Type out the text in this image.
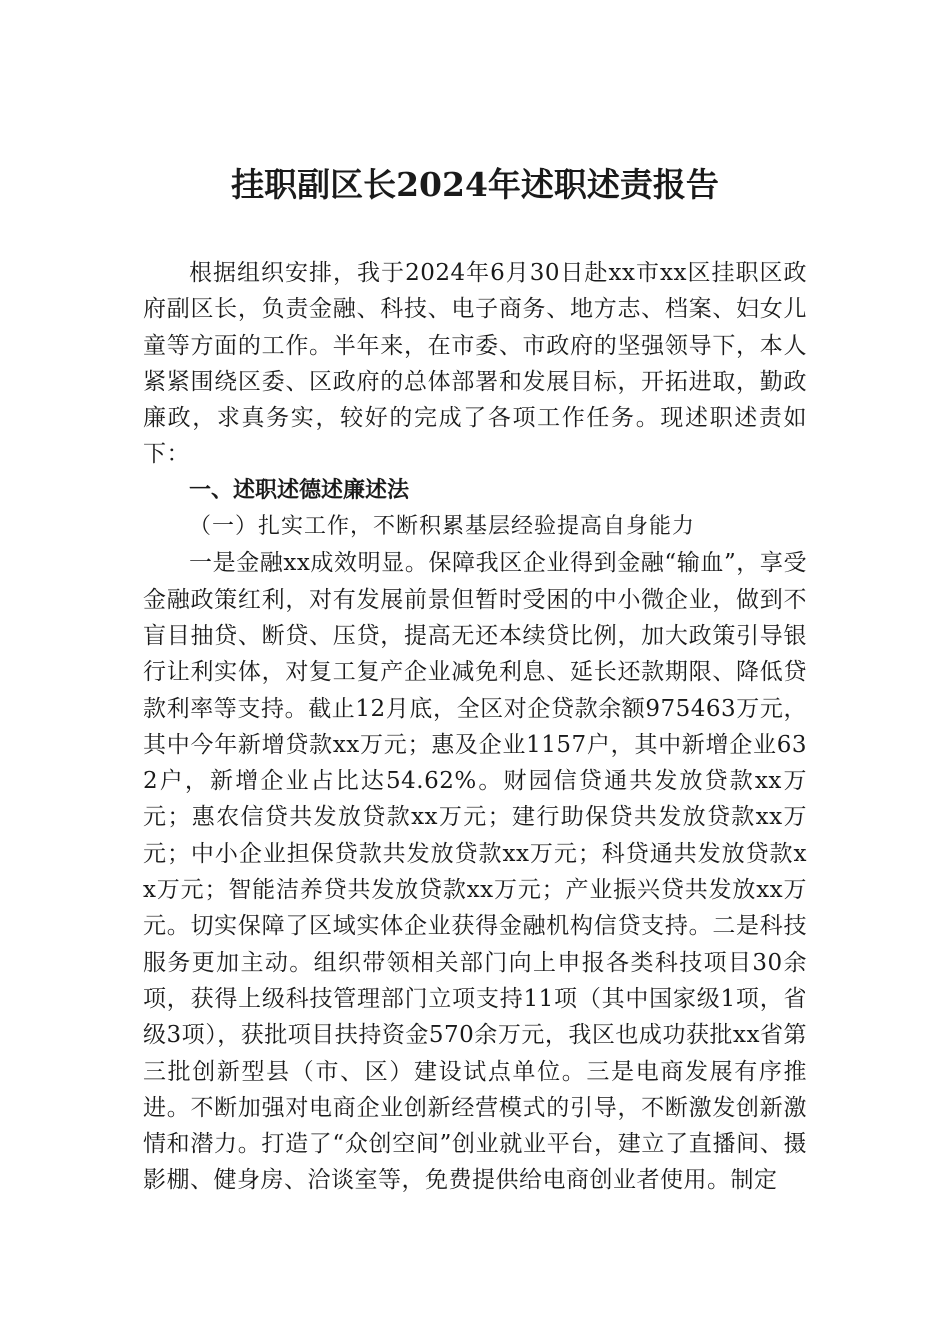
挂职副区长2024年述职述责报告

根据组织安排，我于2024年6月30日赴xx市xx区挂职区政府副区长，负责金融、科技、电子商务、地方志、档案、妇女儿童等方面的工作。半年来，在市委、市政府的坚强领导下，本人紧紧围绕区委、区政府的总体部署和发展目标，开拓进取，勤政廉政，求真务实，较好的完成了各项工作任务。现述职述责如下：

一、述职述德述廉述法

（一）扎实工作，不断积累基层经验提高自身能力

一是金融xx成效明显。保障我区企业得到金融“输血”，享受金融政策红利，对有发展前景但暂时受困的中小微企业，做到不盲目抽贷、断贷、压贷，提高无还本续贷比例，加大政策引导银行让利实体，对复工复产企业减免利息、延长还款期限、降低贷款利率等支持。截止12月底，全区对企贷款余额975463万元，其中今年新增贷款xx万元；惠及企业1157户，其中新增企业632户，新增企业占比达54.62%。财园信贷通共发放贷款xx万元；惠农信贷共发放贷款xx万元；建行助保贷共发放贷款xx万元；中小企业担保贷款共发放贷款xx万元；科贷通共发放贷款xx万元；智能洁养贷共发放贷款xx万元；产业振兴贷共发放xx万元。切实保障了区域实体企业获得金融机构信贷支持。二是科技服务更加主动。组织带领相关部门向上申报各类科技项目30余项，获得上级科技管理部门立项支持11项（其中国家级1项，省级3项），获批项目扶持资金570余万元，我区也成功获批xx省第三批创新型县（市、区）建设试点单位。三是电商发展有序推进。不断加强对电商企业创新经营模式的引导，不断激发创新激情和潜力。打造了“众创空间”创业就业平台，建立了直播间、摄影棚、健身房、洽谈室等，免费提供给电商创业者使用。制定
